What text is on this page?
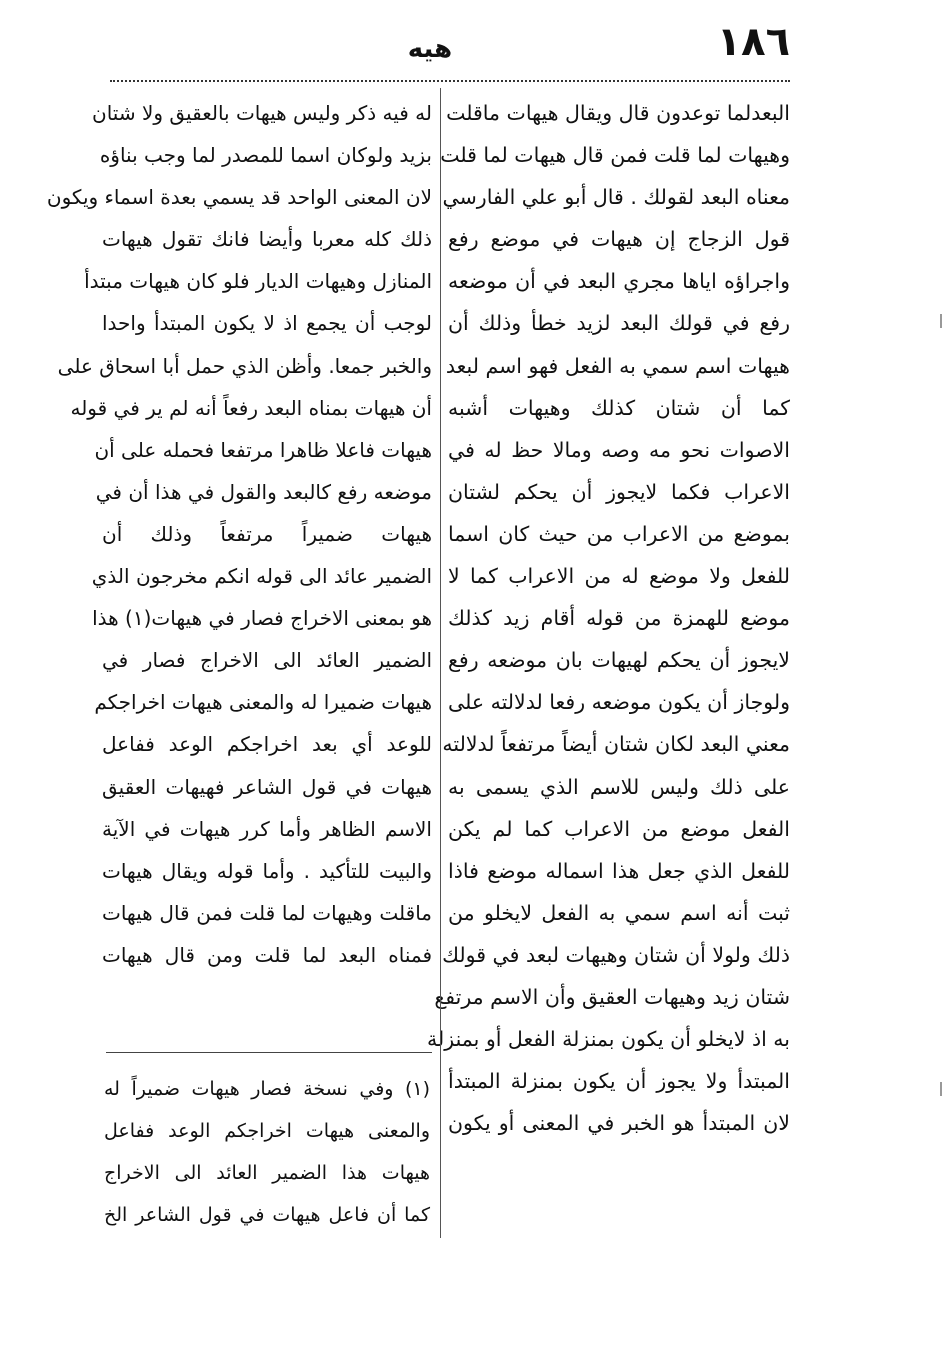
١٨٦
هيه
البعدلما توعدون قال ويقال هيهات ماقلت
وهيهات لما قلت فمن قال هيهات لما قلت
معناه البعد لقولك . قال أبو علي الفارسي
قول الزجاج إن هيهات في موضع رفع
واجراؤه اياها مجري البعد في أن موضعه
رفع في قولك البعد لزيد خطأ وذلك أن
هيهات اسم سمي به الفعل فهو اسم لبعد
كما أن شتان كذلك وهيهات أشبه
الاصوات نحو مه وصه ومالا حظ له في
الاعراب فكما لايجوز أن يحكم لشتان
بموضع من الاعراب من حيث كان اسما
للفعل ولا موضع له من الاعراب كما لا
موضع للهمزة من قوله أقام زيد كذلك
لايجوز أن يحكم لهيهات بان موضعه رفع
ولوجاز أن يكون موضعه رفعا لدلالته على
معني البعد لكان شتان أيضاً مرتفعاً لدلالته
على ذلك وليس للاسم الذي يسمى به
الفعل موضع من الاعراب كما لم يكن
للفعل الذي جعل هذا اسماله موضع فاذا
ثبت أنه اسم سمي به الفعل لايخلو من
ذلك ولولا أن شتان وهيهات لبعد في قولك
شتان زيد وهيهات العقيق وأن الاسم مرتفع
به اذ لايخلو أن يكون بمنزلة الفعل أو بمنزلة
المبتدأ ولا يجوز أن يكون بمنزلة المبتدأ
لان المبتدأ هو الخبر في المعنى أو يكون
له فيه ذكر وليس هيهات بالعقيق ولا شتان
بزيد ولوكان اسما للمصدر لما وجب بناؤه
لان المعنى الواحد قد يسمي بعدة اسماء ويكون
ذلك كله معربا وأيضا فانك تقول هيهات
المنازل وهيهات الديار فلو كان هيهات مبتدأ
لوجب أن يجمع اذ لا يكون المبتدأ واحدا
والخبر جمعا. وأظن الذي حمل أبا اسحاق على
أن هيهات بمناه البعد رفعاً أنه لم ير في قوله
هيهات فاعلا ظاهرا مرتفعا فحمله على أن
موضعه رفع كالبعد والقول في هذا أن في
هيهات ضميراً مرتفعاً وذلك أن
الضمير عائد الى قوله انكم مخرجون الذي
هو بمعنى الاخراج فصار في هيهات(١) هذا
الضمير العائد الى الاخراج فصار في
هيهات ضميرا له والمعنى هيهات اخراجكم
للوعد أي بعد اخراجكم الوعد ففاعل
هيهات في قول الشاعر فهيهات العقيق
الاسم الظاهر وأما كرر هيهات في الآية
والبيت للتأكيد . وأما قوله ويقال هيهات
ماقلت وهيهات لما قلت فمن قال هيهات
فمناه البعد لما قلت ومن قال هيهات
(١) وفي نسخة فصار هيهات ضميراً له
والمعنى هيهات اخراجكم الوعد ففاعل
هيهات هذا الضمير العائد الى الاخراج
كما أن فاعل هيهات في قول الشاعر الخ
